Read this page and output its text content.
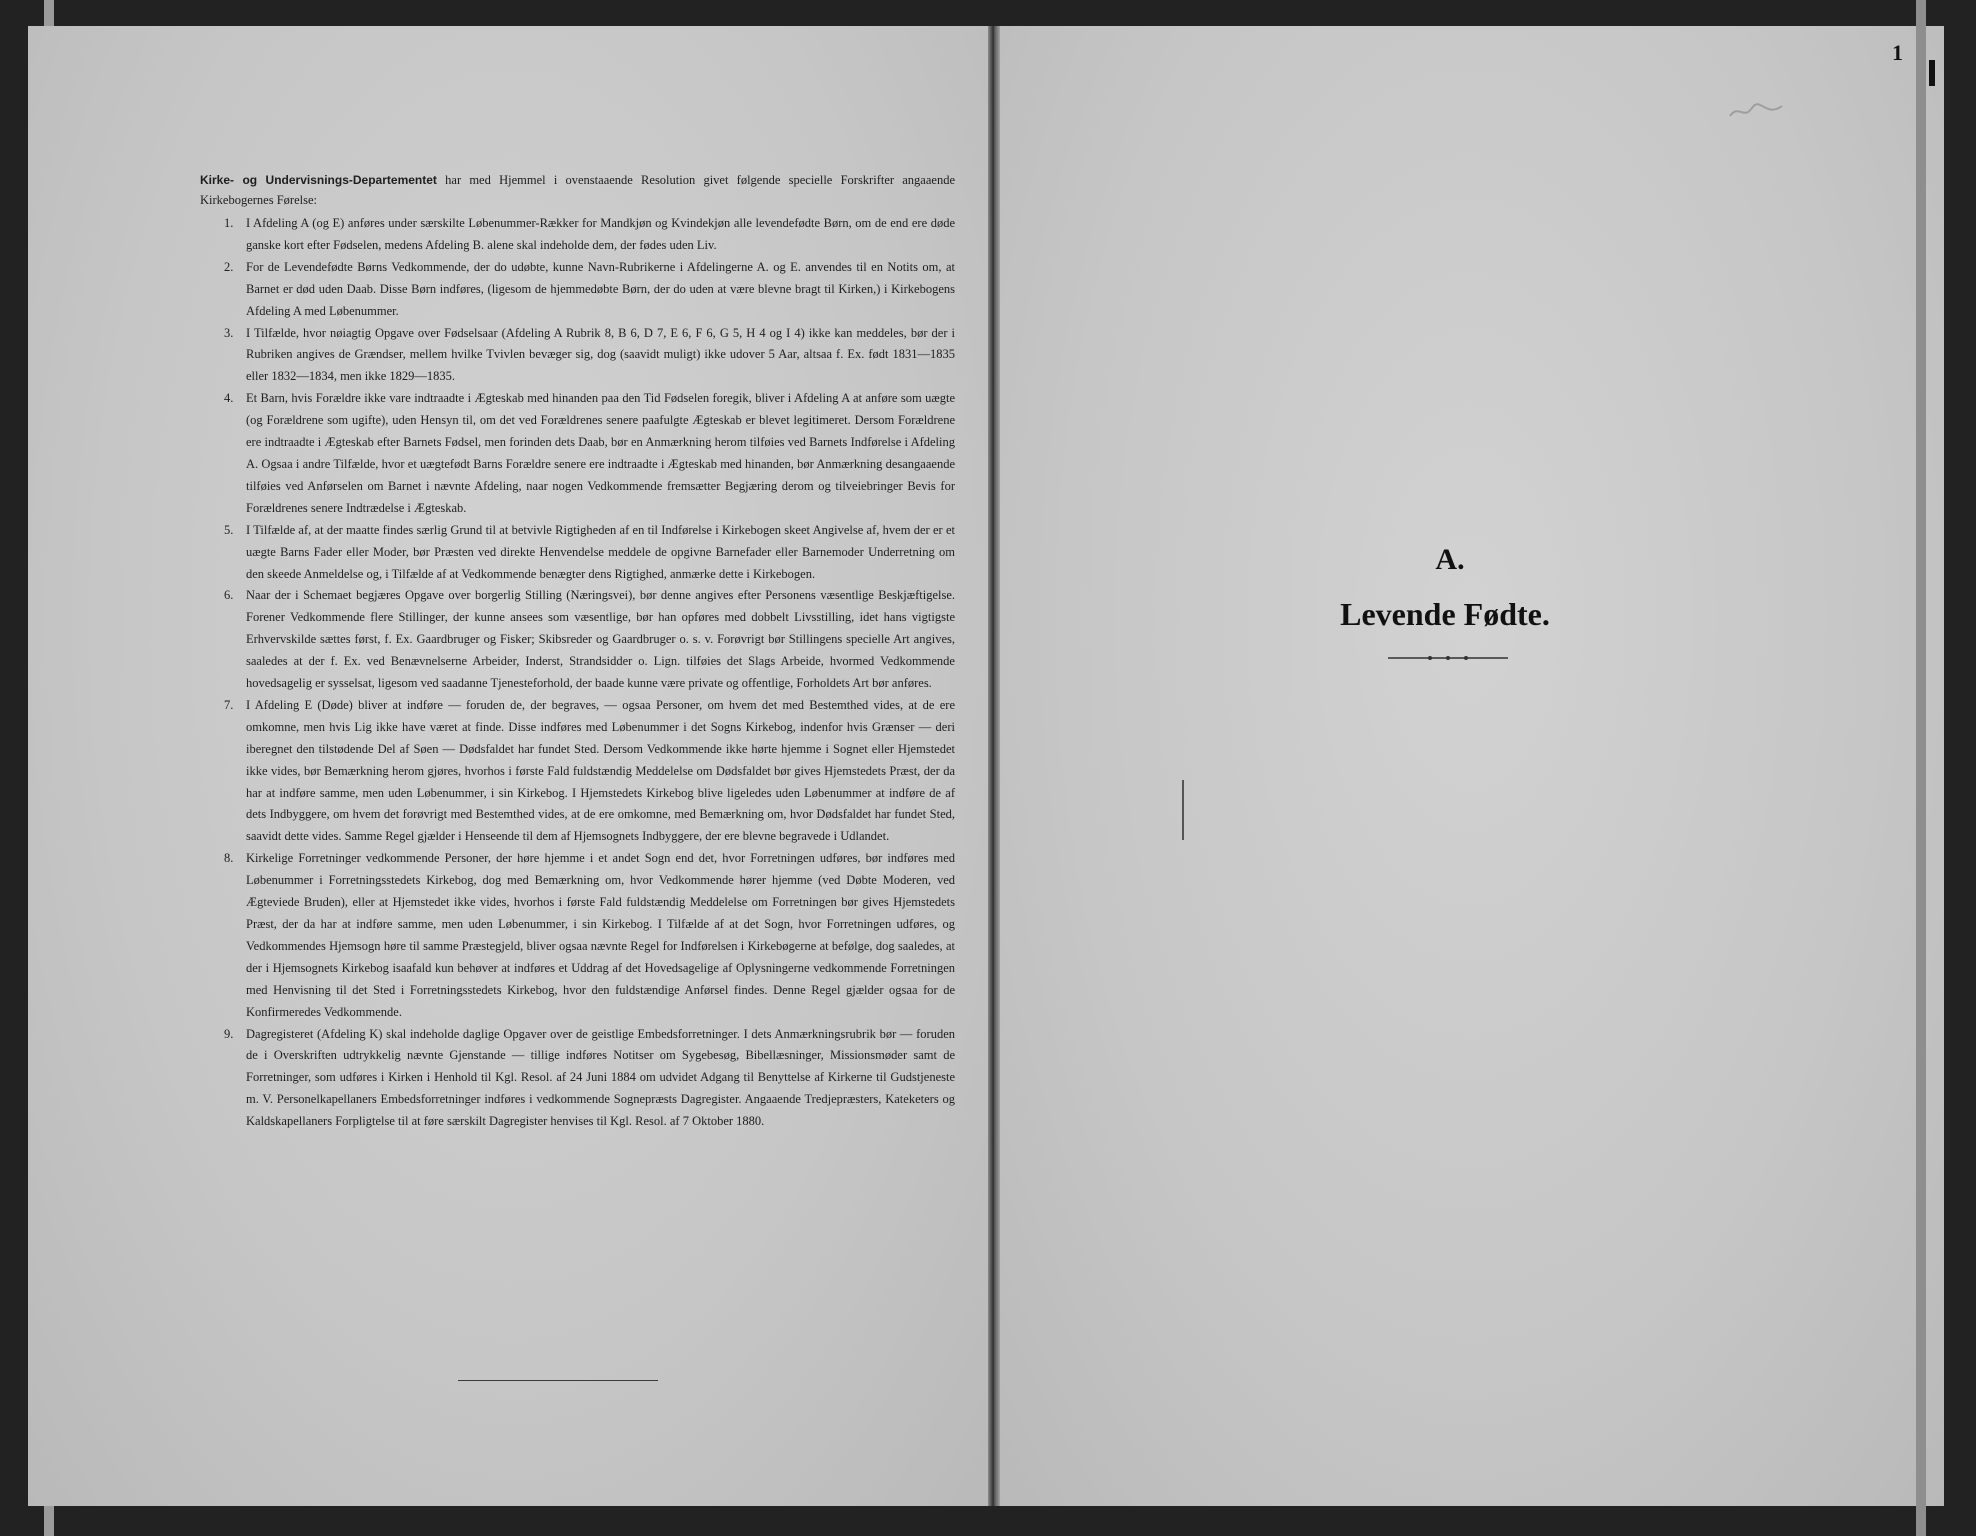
Kirke- og Undervisnings-Departementet har med Hjemmel i ovenstaaende Resolution givet følgende specielle Forskrifter angaaende Kirkebogernes Førelse:
1.	I Afdeling A (og E) anføres under særskilte Løbenummer-Rækker for Mandkjøn og Kvindekjøn alle levendefødte Børn, om de end ere døde ganske kort efter Fødselen, medens Afdeling B. alene skal indeholde dem, der fødes uden Liv.
2.	For de Levendefødte Børns Vedkommende, der do udøbte, kunne Navn-Rubrikerne i Afdelingerne A. og E. anvendes til en Notits om, at Barnet er død uden Daab. Disse Børn indføres, (ligesom de hjemmedøbte Børn, der do uden at være blevne bragt til Kirken,) i Kirkebogens Afdeling A med Løbenummer.
3.	I Tilfælde, hvor nøiagtig Opgave over Fødselsaar (Afdeling A Rubrik 8, B 6, D 7, E 6, F 6, G 5, H 4 og I 4) ikke kan meddeles, bør der i Rubriken angives de Grændser, mellem hvilke Tvivlen bevæger sig, dog (saavidt muligt) ikke udover 5 Aar, altsaa f. Ex. født 1831—1835 eller 1832—1834, men ikke 1829—1835.
4.	Et Barn, hvis Forældre ikke vare indtraadte i Ægteskab med hinanden paa den Tid Fødselen foregik, bliver i Afdeling A at anføre som uægte (og Forældrene som ugifte), uden Hensyn til, om det ved Forældrenes senere paafulgte Ægteskab er blevet legitimeret. Dersom Forældrene ere indtraadte i Ægteskab efter Barnets Fødsel, men forinden dets Daab, bør en Anmærkning herom tilføies ved Barnets Indførelse i Afdeling A. Ogsaa i andre Tilfælde, hvor et uægtefødt Barns Forældre senere ere indtraadte i Ægteskab med hinanden, bør Anmærkning desangaaende tilføies ved Anførselen om Barnet i nævnte Afdeling, naar nogen Vedkommende fremsætter Begjæring derom og tilveiebringer Bevis for Forældrenes senere Indtrædelse i Ægteskab.
5.	I Tilfælde af, at der maatte findes særlig Grund til at betvivle Rigtigheden af en til Indførelse i Kirkebogen skeet Angivelse af, hvem der er et uægte Barns Fader eller Moder, bør Præsten ved direkte Henvendelse meddele de opgivne Barnefader eller Barnemoder Underretning om den skeede Anmeldelse og, i Tilfælde af at Vedkommende benægter dens Rigtighed, anmærke dette i Kirkebogen.
6.	Naar der i Schemaet begjæres Opgave over borgerlig Stilling (Næringsvei), bør denne angives efter Personens væsentlige Beskjæftigelse. Forener Vedkommende flere Stillinger, der kunne ansees som væsentlige, bør han opføres med dobbelt Livsstilling, idet hans vigtigste Erhvervskilde sættes først, f. Ex. Gaardbruger og Fisker; Skibsreder og Gaardbruger o. s. v. Forøvrigt bør Stillingens specielle Art angives, saaledes at der f. Ex. ved Benævnelserne Arbeider, Inderst, Strandsidder o. Lign. tilføies det Slags Arbeide, hvormed Vedkommende hovedsagelig er sysselsat, ligesom ved saadanne Tjenesteforhold, der baade kunne være private og offentlige, Forholdets Art bør anføres.
7.	I Afdeling E (Døde) bliver at indføre — foruden de, der begraves, — ogsaa Personer, om hvem det med Bestemthed vides, at de ere omkomne, men hvis Lig ikke have været at finde. Disse indføres med Løbenummer i det Sogns Kirkebog, indenfor hvis Grænser — deri iberegnet den tilstødende Del af Søen — Dødsfaldet har fundet Sted. Dersom Vedkommende ikke hørte hjemme i Sognet eller Hjemstedet ikke vides, bør Bemærkning herom gjøres, hvorhos i første Fald fuldstændig Meddelelse om Dødsfaldet bør gives Hjemstedets Præst, der da har at indføre samme, men uden Løbenummer, i sin Kirkebog. I Hjemstedets Kirkebog blive ligeledes uden Løbenummer at indføre de af dets Indbyggere, om hvem det forøvrigt med Bestemthed vides, at de ere omkomne, med Bemærkning om, hvor Dødsfaldet har fundet Sted, saavidt dette vides. Samme Regel gjælder i Henseende til dem af Hjemsognets Indbyggere, der ere blevne begravede i Udlandet.
8.	Kirkelige Forretninger vedkommende Personer, der høre hjemme i et andet Sogn end det, hvor Forretningen udføres, bør indføres med Løbenummer i Forretningsstedets Kirkebog, dog med Bemærkning om, hvor Vedkommende hører hjemme (ved Døbte Moderen, ved Ægteviede Bruden), eller at Hjemstedet ikke vides, hvorhos i første Fald fuldstændig Meddelelse om Forretningen bør gives Hjemstedets Præst, der da har at indføre samme, men uden Løbenummer, i sin Kirkebog. I Tilfælde af at det Sogn, hvor Forretningen udføres, og Vedkommendes Hjemsogn høre til samme Præstegjeld, bliver ogsaa nævnte Regel for Indførelsen i Kirkebøgerne at befølge, dog saaledes, at der i Hjemsognets Kirkebog isaafald kun behøver at indføres et Uddrag af det Hovedsagelige af Oplysningerne vedkommende Forretningen med Henvisning til det Sted i Forretningsstedets Kirkebog, hvor den fuldstændige Anførsel findes. Denne Regel gjælder ogsaa for de Konfirmeredes Vedkommende.
9.	Dagregisteret (Afdeling K) skal indeholde daglige Opgaver over de geistlige Embedsforretninger. I dets Anmærkningsrubrik bør — foruden de i Overskriften udtrykkelig nævnte Gjenstande — tillige indføres Notitser om Sygebesøg, Bibellæsninger, Missionsmøder samt de Forretninger, som udføres i Kirken i Henhold til Kgl. Resol. af 24 Juni 1884 om udvidet Adgang til Benyttelse af Kirkerne til Gudstjeneste m. V. Personelkapellaners Embedsforretninger indføres i vedkommende Sognepræsts Dagregister. Angaaende Tredjepræsters, Kateketers og Kaldskapellaners Forpligtelse til at føre særskilt Dagregister henvises til Kgl. Resol. af 7 Oktober 1880.
1
A.
Levende Fødte.
